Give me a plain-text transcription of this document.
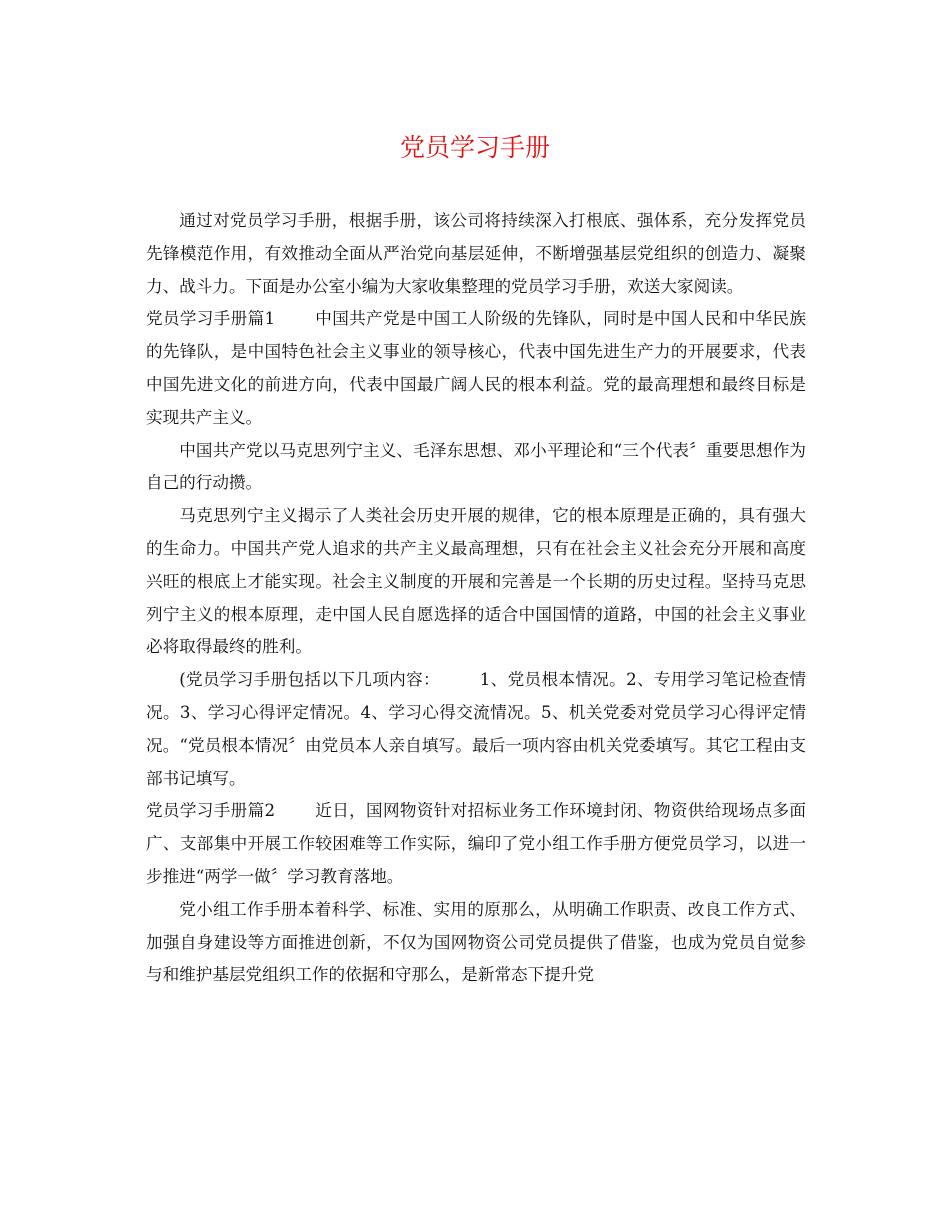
党员学习手册

通过对党员学习手册，根据手册，该公司将持续深入打根底、强体系，充分发挥党员先锋模范作用，有效推动全面从严治党向基层延伸，不断增强基层党组织的创造力、凝聚力、战斗力。下面是办公室小编为大家收集整理的党员学习手册，欢送大家阅读。

党员学习手册篇1 中国共产党是中国工人阶级的先锋队，同时是中国人民和中华民族的先锋队，是中国特色社会主义事业的领导核心，代表中国先进生产力的开展要求，代表中国先进文化的前进方向，代表中国最广阔人民的根本利益。党的最高理想和最终目标是实现共产主义。

中国共产党以马克思列宁主义、毛泽东思想、邓小平理论和“三个代表〞重要思想作为自己的行动攒。

马克思列宁主义揭示了人类社会历史开展的规律，它的根本原理是正确的，具有强大的生命力。中国共产党人追求的共产主义最高理想，只有在社会主义社会充分开展和高度兴旺的根底上才能实现。社会主义制度的开展和完善是一个长期的历史过程。坚持马克思列宁主义的根本原理，走中国人民自愿选择的适合中国国情的道路，中国的社会主义事业必将取得最终的胜利。

(党员学习手册包括以下几项内容： 1、党员根本情况。2、专用学习笔记检查情况。3、学习心得评定情况。4、学习心得交流情况。5、机关党委对党员学习心得评定情况。“党员根本情况〞由党员本人亲自填写。最后一项内容由机关党委填写。其它工程由支部书记填写。

党员学习手册篇2 近日，国网物资针对招标业务工作环境封闭、物资供给现场点多面广、支部集中开展工作较困难等工作实际，编印了党小组工作手册方便党员学习，以进一步推进“两学一做〞学习教育落地。

党小组工作手册本着科学、标准、实用的原那么，从明确工作职责、改良工作方式、加强自身建设等方面推进创新，不仅为国网物资公司党员提供了借鉴，也成为党员自觉参与和维护基层党组织工作的依据和守那么，是新常态下提升党
